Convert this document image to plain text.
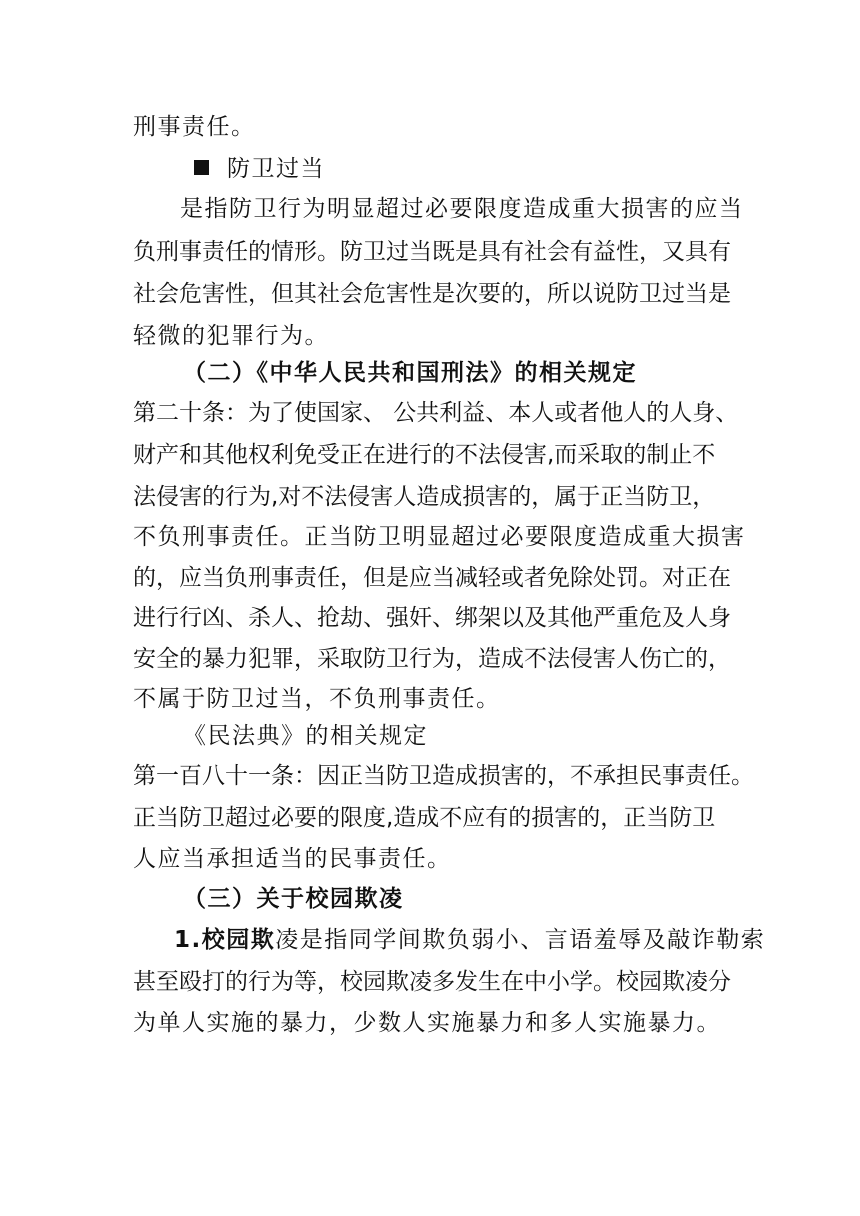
刑事责任。
防卫过当
是指防卫行为明显超过必要限度造成重大损害的应当
负刑事责任的情形。防卫过当既是具有社会有益性，又具有
社会危害性，但其社会危害性是次要的，所以说防卫过当是
轻微的犯罪行为。
（二）《中华人民共和国刑法》的相关规定
第二十条：为了使国家、 公共利益、本人或者他人的人身、
财产和其他权利免受正在进行的不法侵害,而采取的制止不
法侵害的行为,对不法侵害人造成损害的，属于正当防卫，
不负刑事责任。正当防卫明显超过必要限度造成重大损害
的，应当负刑事责任，但是应当减轻或者免除处罚。对正在
进行行凶、杀人、抢劫、强奸、绑架以及其他严重危及人身
安全的暴力犯罪，采取防卫行为，造成不法侵害人伤亡的，
不属于防卫过当，不负刑事责任。
《民法典》的相关规定
第一百八十一条：因正当防卫造成损害的，不承担民事责任。
正当防卫超过必要的限度,造成不应有的损害的，正当防卫
人应当承担适当的民事责任。
（三）关于校园欺凌
1.校园欺凌是指同学间欺负弱小、言语羞辱及敲诈勒索
甚至殴打的行为等，校园欺凌多发生在中小学。校园欺凌分
为单人实施的暴力，少数人实施暴力和多人实施暴力。
